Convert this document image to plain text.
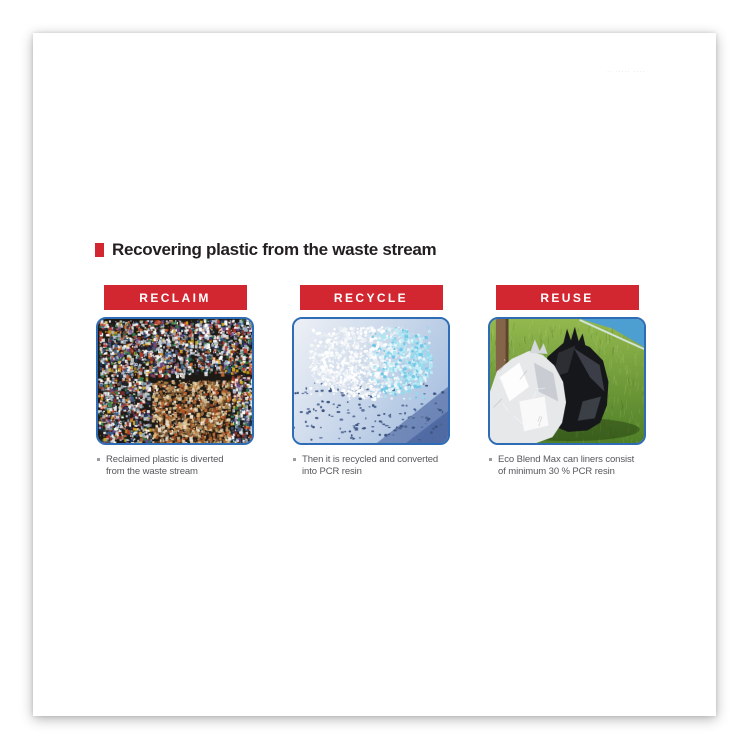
·· ····· ····
Recovering plastic from the waste stream
RECLAIM
Reclaimed plastic is diverted
from the waste stream
RECYCLE
Then it is recycled and converted
into PCR resin
REUSE
Eco Blend Max can liners consist
of minimum 30 % PCR resin
